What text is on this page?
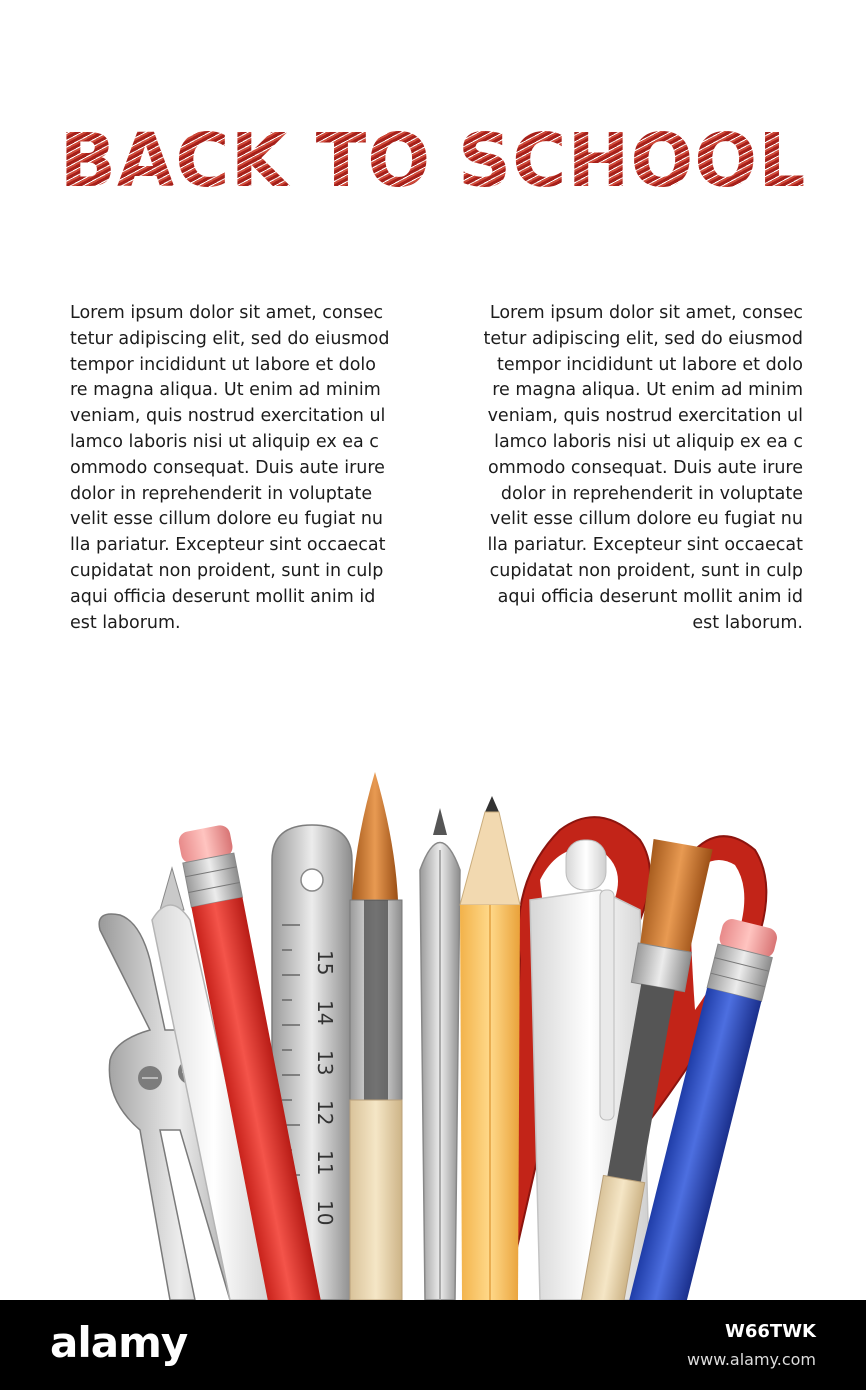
BACK TO SCHOOL

Lorem ipsum dolor sit amet, consec
tetur adipiscing elit, sed do eiusmod
tempor incididunt ut labore et dolo
re magna aliqua. Ut enim ad minim
veniam, quis nostrud exercitation ul
lamco laboris nisi ut aliquip ex ea c
ommodo consequat. Duis aute irure
dolor in reprehenderit in voluptate
velit esse cillum dolore eu fugiat nu
lla pariatur. Excepteur sint occaecat
cupidatat non proident, sunt in culp
aqui officia deserunt mollit anim id
est laborum.

Lorem ipsum dolor sit amet, consec
tetur adipiscing elit, sed do eiusmod
tempor incididunt ut labore et dolo
re magna aliqua. Ut enim ad minim
veniam, quis nostrud exercitation ul
lamco laboris nisi ut aliquip ex ea c
ommodo consequat. Duis aute irure
dolor in reprehenderit in voluptate
velit esse cillum dolore eu fugiat nu
lla pariatur. Excepteur sint occaecat
cupidatat non proident, sunt in culp
aqui officia deserunt mollit anim id
est laborum.

15
14
13
12
11
10
alamy	W66TWK
www.alamy.com
